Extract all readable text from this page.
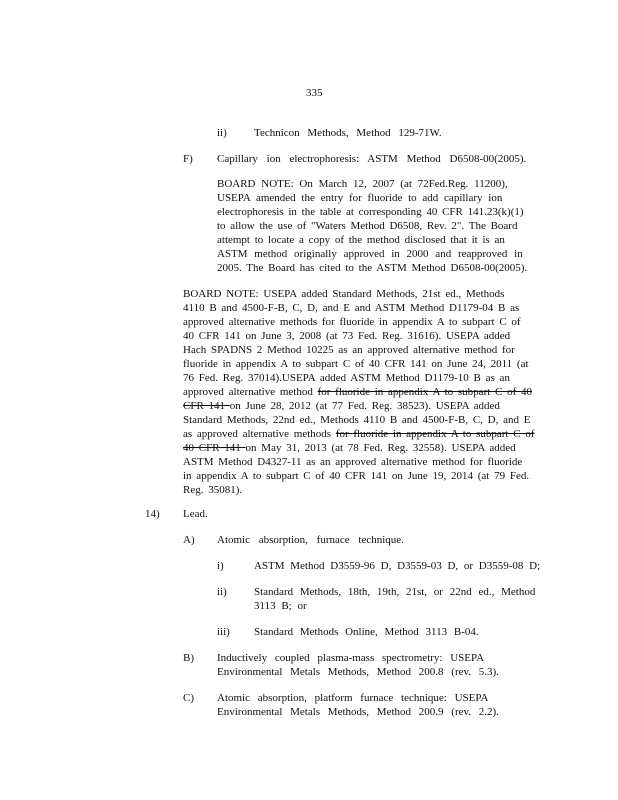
335
ii) Technicon Methods, Method 129-71W.
F) Capillary ion electrophoresis: ASTM Method D6508-00(2005).
BOARD NOTE: On March 12, 2007 (at 72Fed.Reg. 11200),
USEPA amended the entry for fluoride to add capillary ion
electrophoresis in the table at corresponding 40 CFR 141.23(k)(1)
to allow the use of "Waters Method D6508, Rev. 2". The Board
attempt to locate a copy of the method disclosed that it is an
ASTM method originally approved in 2000 and reapproved in
2005. The Board has cited to the ASTM Method D6508-00(2005).
BOARD NOTE: USEPA added Standard Methods, 21st ed., Methods
4110 B and 4500-F-B, C, D, and E and ASTM Method D1179-04 B as
approved alternative methods for fluoride in appendix A to subpart C of
40 CFR 141 on June 3, 2008 (at 73 Fed. Reg. 31616). USEPA added
Hach SPADNS 2 Method 10225 as an approved alternative method for
fluoride in appendix A to subpart C of 40 CFR 141 on June 24, 2011 (at
76 Fed. Reg. 37014).USEPA added ASTM Method D1179-10 B as an
approved alternative method for fluoride in appendix A to subpart C of 40
CFR 141 on June 28, 2012 (at 77 Fed. Reg. 38523). USEPA added
Standard Methods, 22nd ed., Methods 4110 B and 4500-F-B, C, D, and E
as approved alternative methods for fluoride in appendix A to subpart C of
40 CFR 141 on May 31, 2013 (at 78 Fed. Reg. 32558). USEPA added
ASTM Method D4327-11 as an approved alternative method for fluoride
in appendix A to subpart C of 40 CFR 141 on June 19, 2014 (at 79 Fed.
Reg. 35081).
14) Lead.
A) Atomic absorption, furnace technique.
i)	ASTM Method D3559-96 D, D3559-03 D, or D3559-08 D;
ii) Standard Methods, 18th, 19th, 21st, or 22nd ed., Method
3113 B; or
iii) Standard Methods Online, Method 3113 B-04.
B) Inductively coupled plasma-mass spectrometry: USEPA
Environmental Metals Methods, Method 200.8 (rev. 5.3).
C) Atomic absorption, platform furnace technique: USEPA
Environmental Metals Methods, Method 200.9 (rev. 2.2).
